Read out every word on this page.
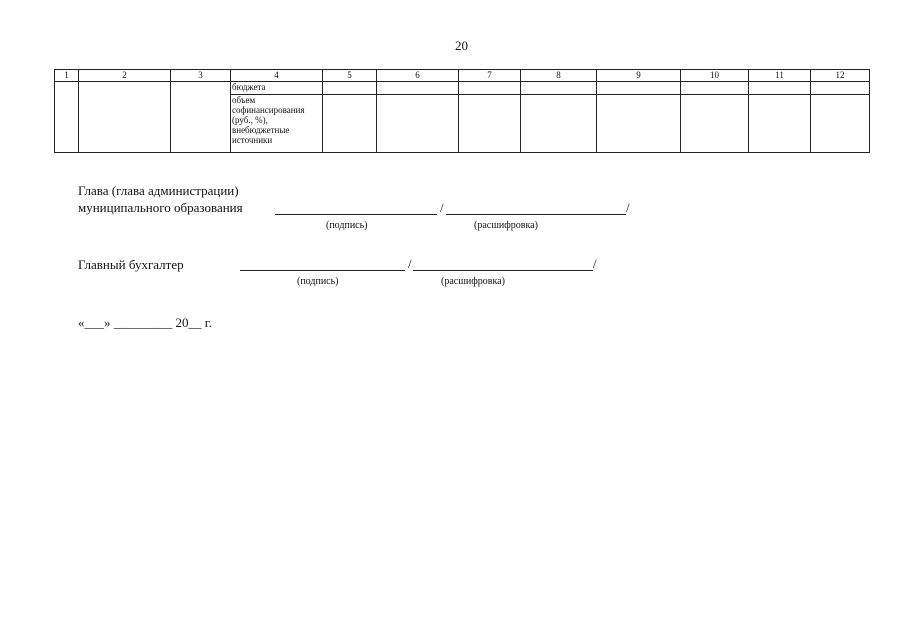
20
1	2	3	4	5	6	7	8	9	10	11	12

			бюджета								

			объем софинансирования (руб., %), внебюджетные источники								

Глава (глава администрации)
муниципального образования	/	/
(подпись)	(расшифровка)
Главный бухгалтер	/	/
(подпись)	(расшифровка)
«___» _________ 20__ г.
